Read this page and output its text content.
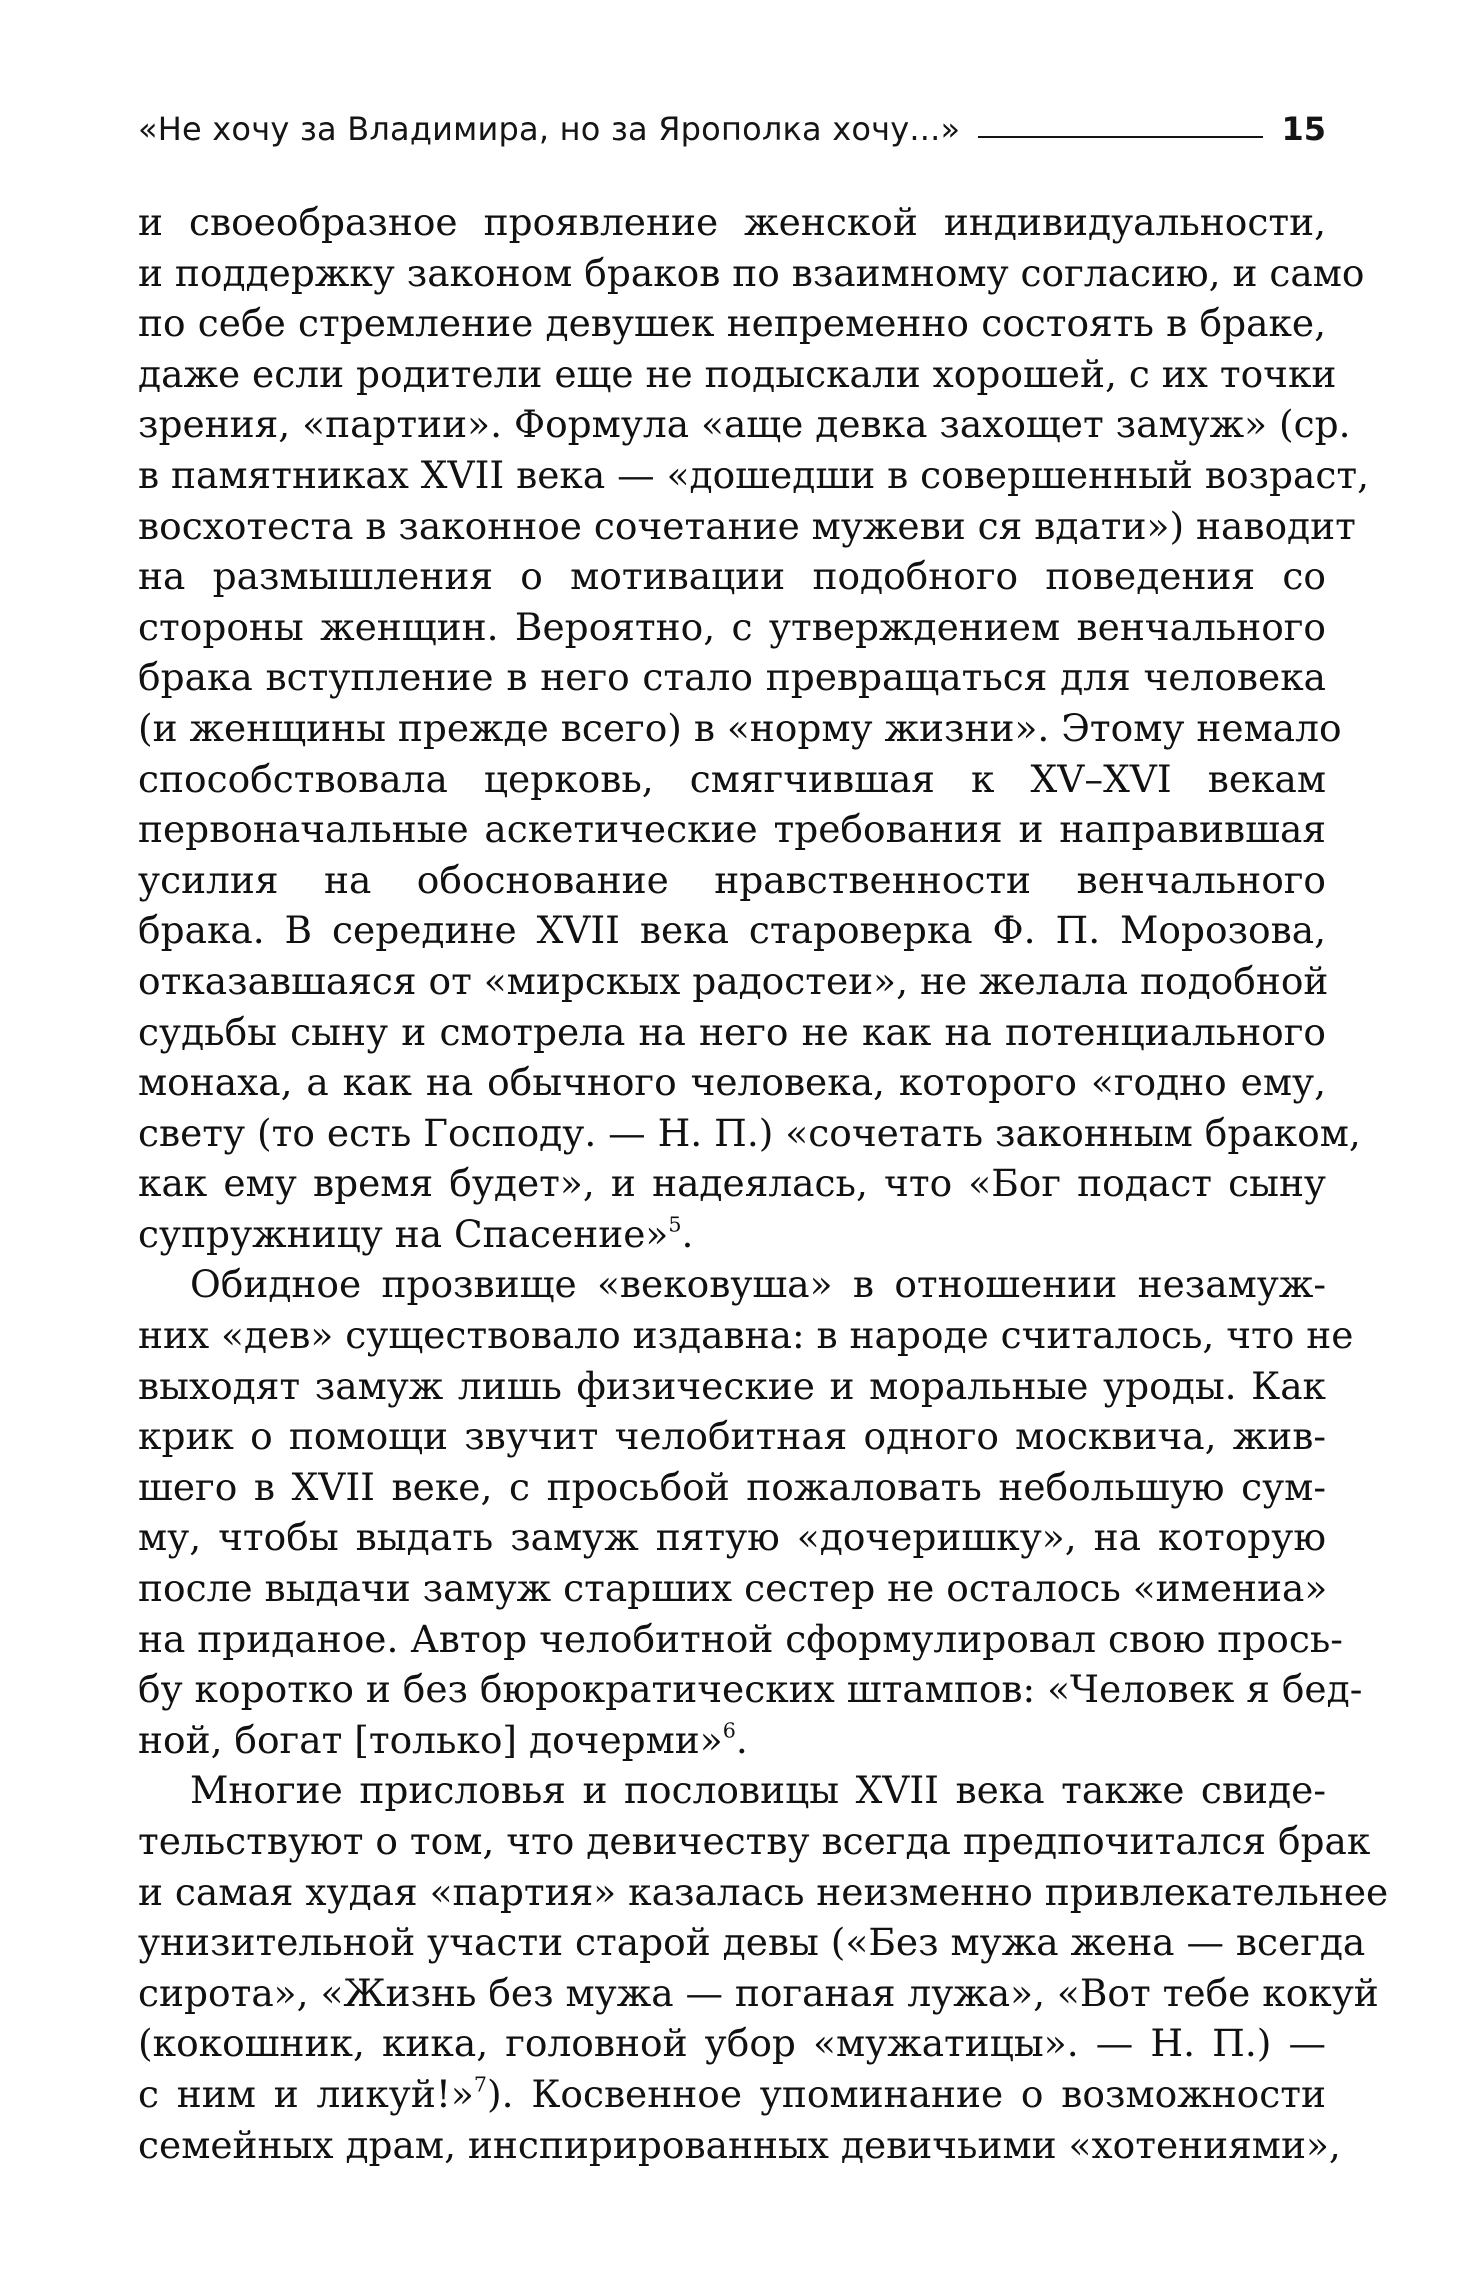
«Не хочу за Владимира, но за Ярополка хочу...»	15
и своеобразное проявление женской индивидуальности,
и поддержку законом браков по взаимному согласию, и само
по себе стремление девушек непременно состоять в браке,
даже если родители еще не подыскали хорошей, с их точки
зрения, «партии». Формула «аще девка захощет замуж» (ср.
в памятниках XVII века — «дошедши в совершенный возраст,
восхотеста в законное сочетание мужеви ся вдати») наводит
на размышления о мотивации подобного поведения со
стороны женщин. Вероятно, с утверждением венчального
брака вступление в него стало превращаться для человека
(и женщины прежде всего) в «норму жизни». Этому немало
способствовала церковь, смягчившая к XV–XVI векам
первоначальные аскетические требования и направившая
усилия на обоснование нравственности венчального
брака. В середине XVII века староверка Ф. П. Морозова,
отказавшаяся от «мирскых радостеи», не желала подобной
судьбы сыну и смотрела на него не как на потенциального
монаха, а как на обычного человека, которого «годно ему,
свету (то есть Господу. — Н. П.) «сочетать законным браком,
как ему время будет», и надеялась, что «Бог подаст сыну
супружницу на Спасение»$^5$.
Обидное прозвище «вековуша» в отношении незамуж-
них «дев» существовало издавна: в народе считалось, что не
выходят замуж лишь физические и моральные уроды. Как
крик о помощи звучит челобитная одного москвича, жив-
шего в XVII веке, с просьбой пожаловать небольшую сум-
му, чтобы выдать замуж пятую «дочеришку», на которую
после выдачи замуж старших сестер не осталось «имениа»
на приданое. Автор челобитной сформулировал свою прось-
бу коротко и без бюрократических штампов: «Человек я бед-
ной, богат [только] дочерми»$^6$.
Многие присловья и пословицы XVII века также свиде-
тельствуют о том, что девичеству всегда предпочитался брак
и самая худая «партия» казалась неизменно привлекательнее
унизительной участи старой девы («Без мужа жена — всегда
сирота», «Жизнь без мужа — поганая лужа», «Вот тебе кокуй
(кокошник, кика, головной убор «мужатицы». — Н. П.) —
с ним и ликуй!»$^7$). Косвенное упоминание о возможности
семейных драм, инспирированных девичьими «хотениями»,
